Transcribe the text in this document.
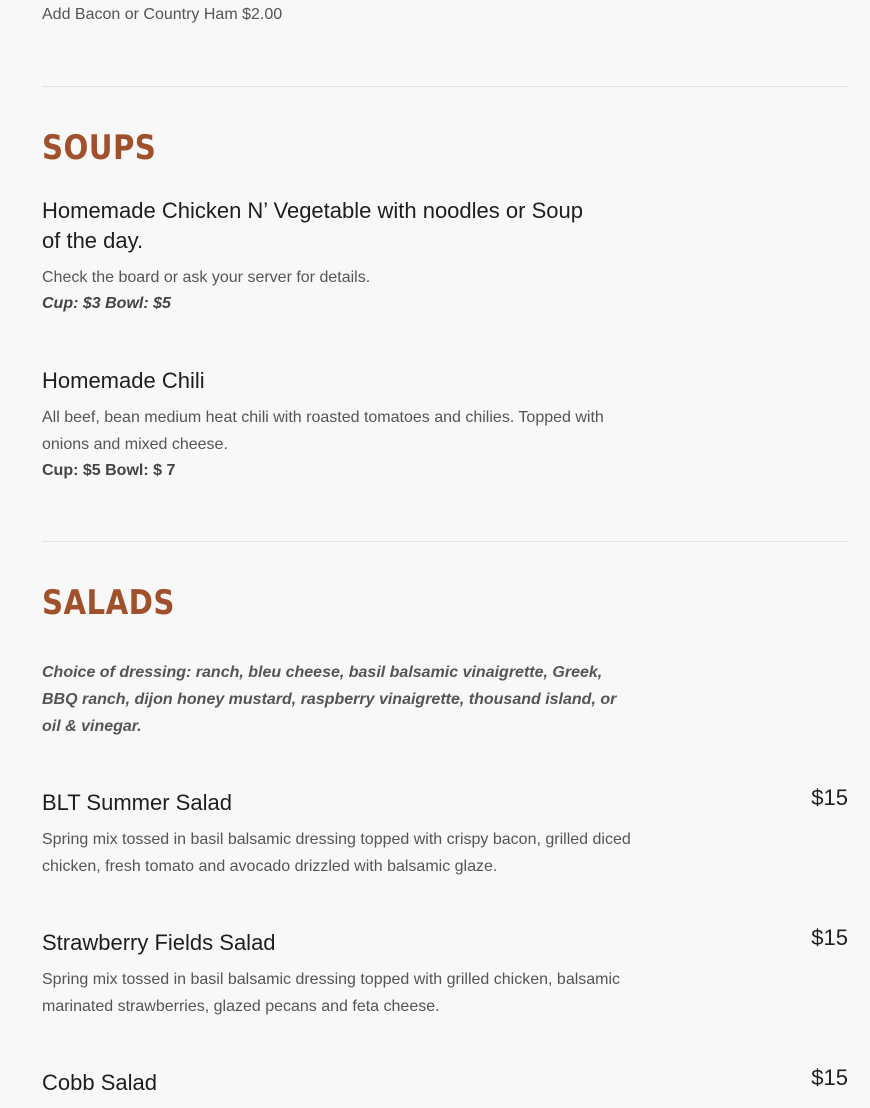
Add Bacon or Country Ham $2.00
SOUPS
Homemade Chicken N’ Vegetable with noodles or Soup of the day.
Check the board or ask your server for details.
Cup: $3 Bowl: $5
Homemade Chili
All beef, bean medium heat chili with roasted tomatoes and chilies. Topped with onions and mixed cheese.
Cup: $5 Bowl: $ 7
SALADS
Choice of dressing: ranch, bleu cheese, basil balsamic vinaigrette, Greek, BBQ ranch, dijon honey mustard, raspberry vinaigrette, thousand island, or oil & vinegar.
BLT Summer Salad	$15
Spring mix tossed in basil balsamic dressing topped with crispy bacon, grilled diced chicken, fresh tomato and avocado drizzled with balsamic glaze.
Strawberry Fields Salad	$15
Spring mix tossed in basil balsamic dressing topped with grilled chicken, balsamic marinated strawberries, glazed pecans and feta cheese.
Cobb Salad	$15
